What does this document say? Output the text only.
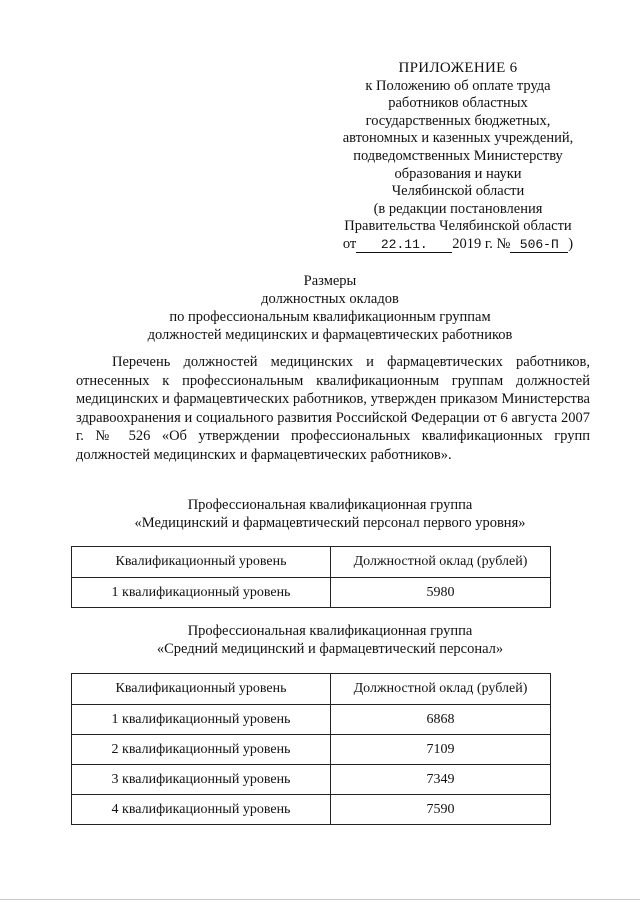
ПРИЛОЖЕНИЕ 6
к Положению об оплате труда
работников областных
государственных бюджетных,
автономных и казенных учреждений,
подведомственных Министерству
образования и науки
Челябинской области
(в редакции постановления
Правительства Челябинской области
от	22.11.	2019 г. № 506-П )
Размеры
должностных окладов
по профессиональным квалификационным группам
должностей медицинских и фармацевтических работников
Перечень должностей медицинских и фармацевтических работников, отнесенных к профессиональным квалификационным группам должностей медицинских и фармацевтических работников, утвержден приказом Министерства здравоохранения и социального развития Российской Федерации от 6 августа 2007 г. № 526 «Об утверждении профессиональных квалификационных групп должностей медицинских и фармацевтических работников».
Профессиональная квалификационная группа
«Медицинский и фармацевтический персонал первого уровня»
Квалификационный уровень	Должностной оклад (рублей)
1 квалификационный уровень	5980
Профессиональная квалификационная группа
«Средний медицинский и фармацевтический персонал»
Квалификационный уровень	Должностной оклад (рублей)
1 квалификационный уровень	6868
2 квалификационный уровень	7109
3 квалификационный уровень	7349
4 квалификационный уровень	7590
